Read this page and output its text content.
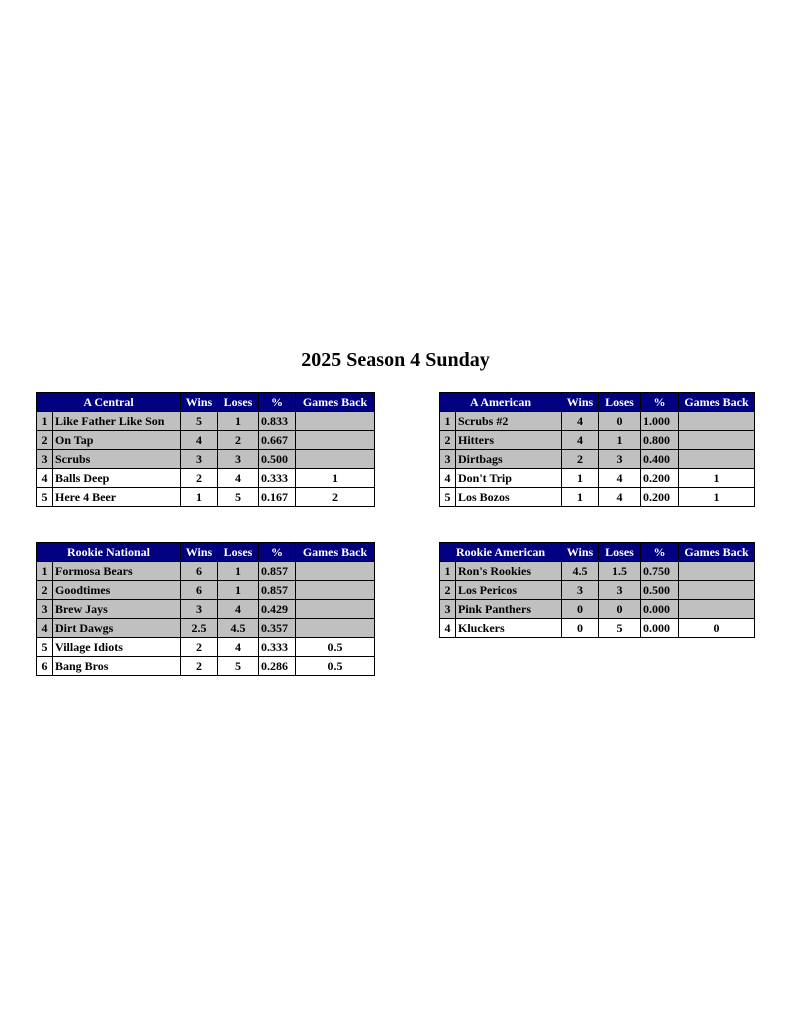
2025 Season 4 Sunday
A Central		Wins	Loses	%	Games Back
1	Like Father Like Son	5	1	0.833	
2	On Tap	4	2	0.667	
3	Scrubs	3	3	0.500	
4	Balls Deep	2	4	0.333	1
5	Here 4 Beer	1	5	0.167	2
A American		Wins	Loses	%	Games Back
1	Scrubs #2	4	0	1.000	
2	Hitters	4	1	0.800	
3	Dirtbags	2	3	0.400	
4	Don't Trip	1	4	0.200	1
5	Los Bozos	1	4	0.200	1
Rookie National		Wins	Loses	%	Games Back
1	Formosa Bears	6	1	0.857	
2	Goodtimes	6	1	0.857	
3	Brew Jays	3	4	0.429	
4	Dirt Dawgs	2.5	4.5	0.357	
5	Village Idiots	2	4	0.333	0.5
6	Bang Bros	2	5	0.286	0.5
Rookie American		Wins	Loses	%	Games Back
1	Ron's Rookies	4.5	1.5	0.750	
2	Los Pericos	3	3	0.500	
3	Pink Panthers	0	0	0.000	
4	Kluckers	0	5	0.000	0
